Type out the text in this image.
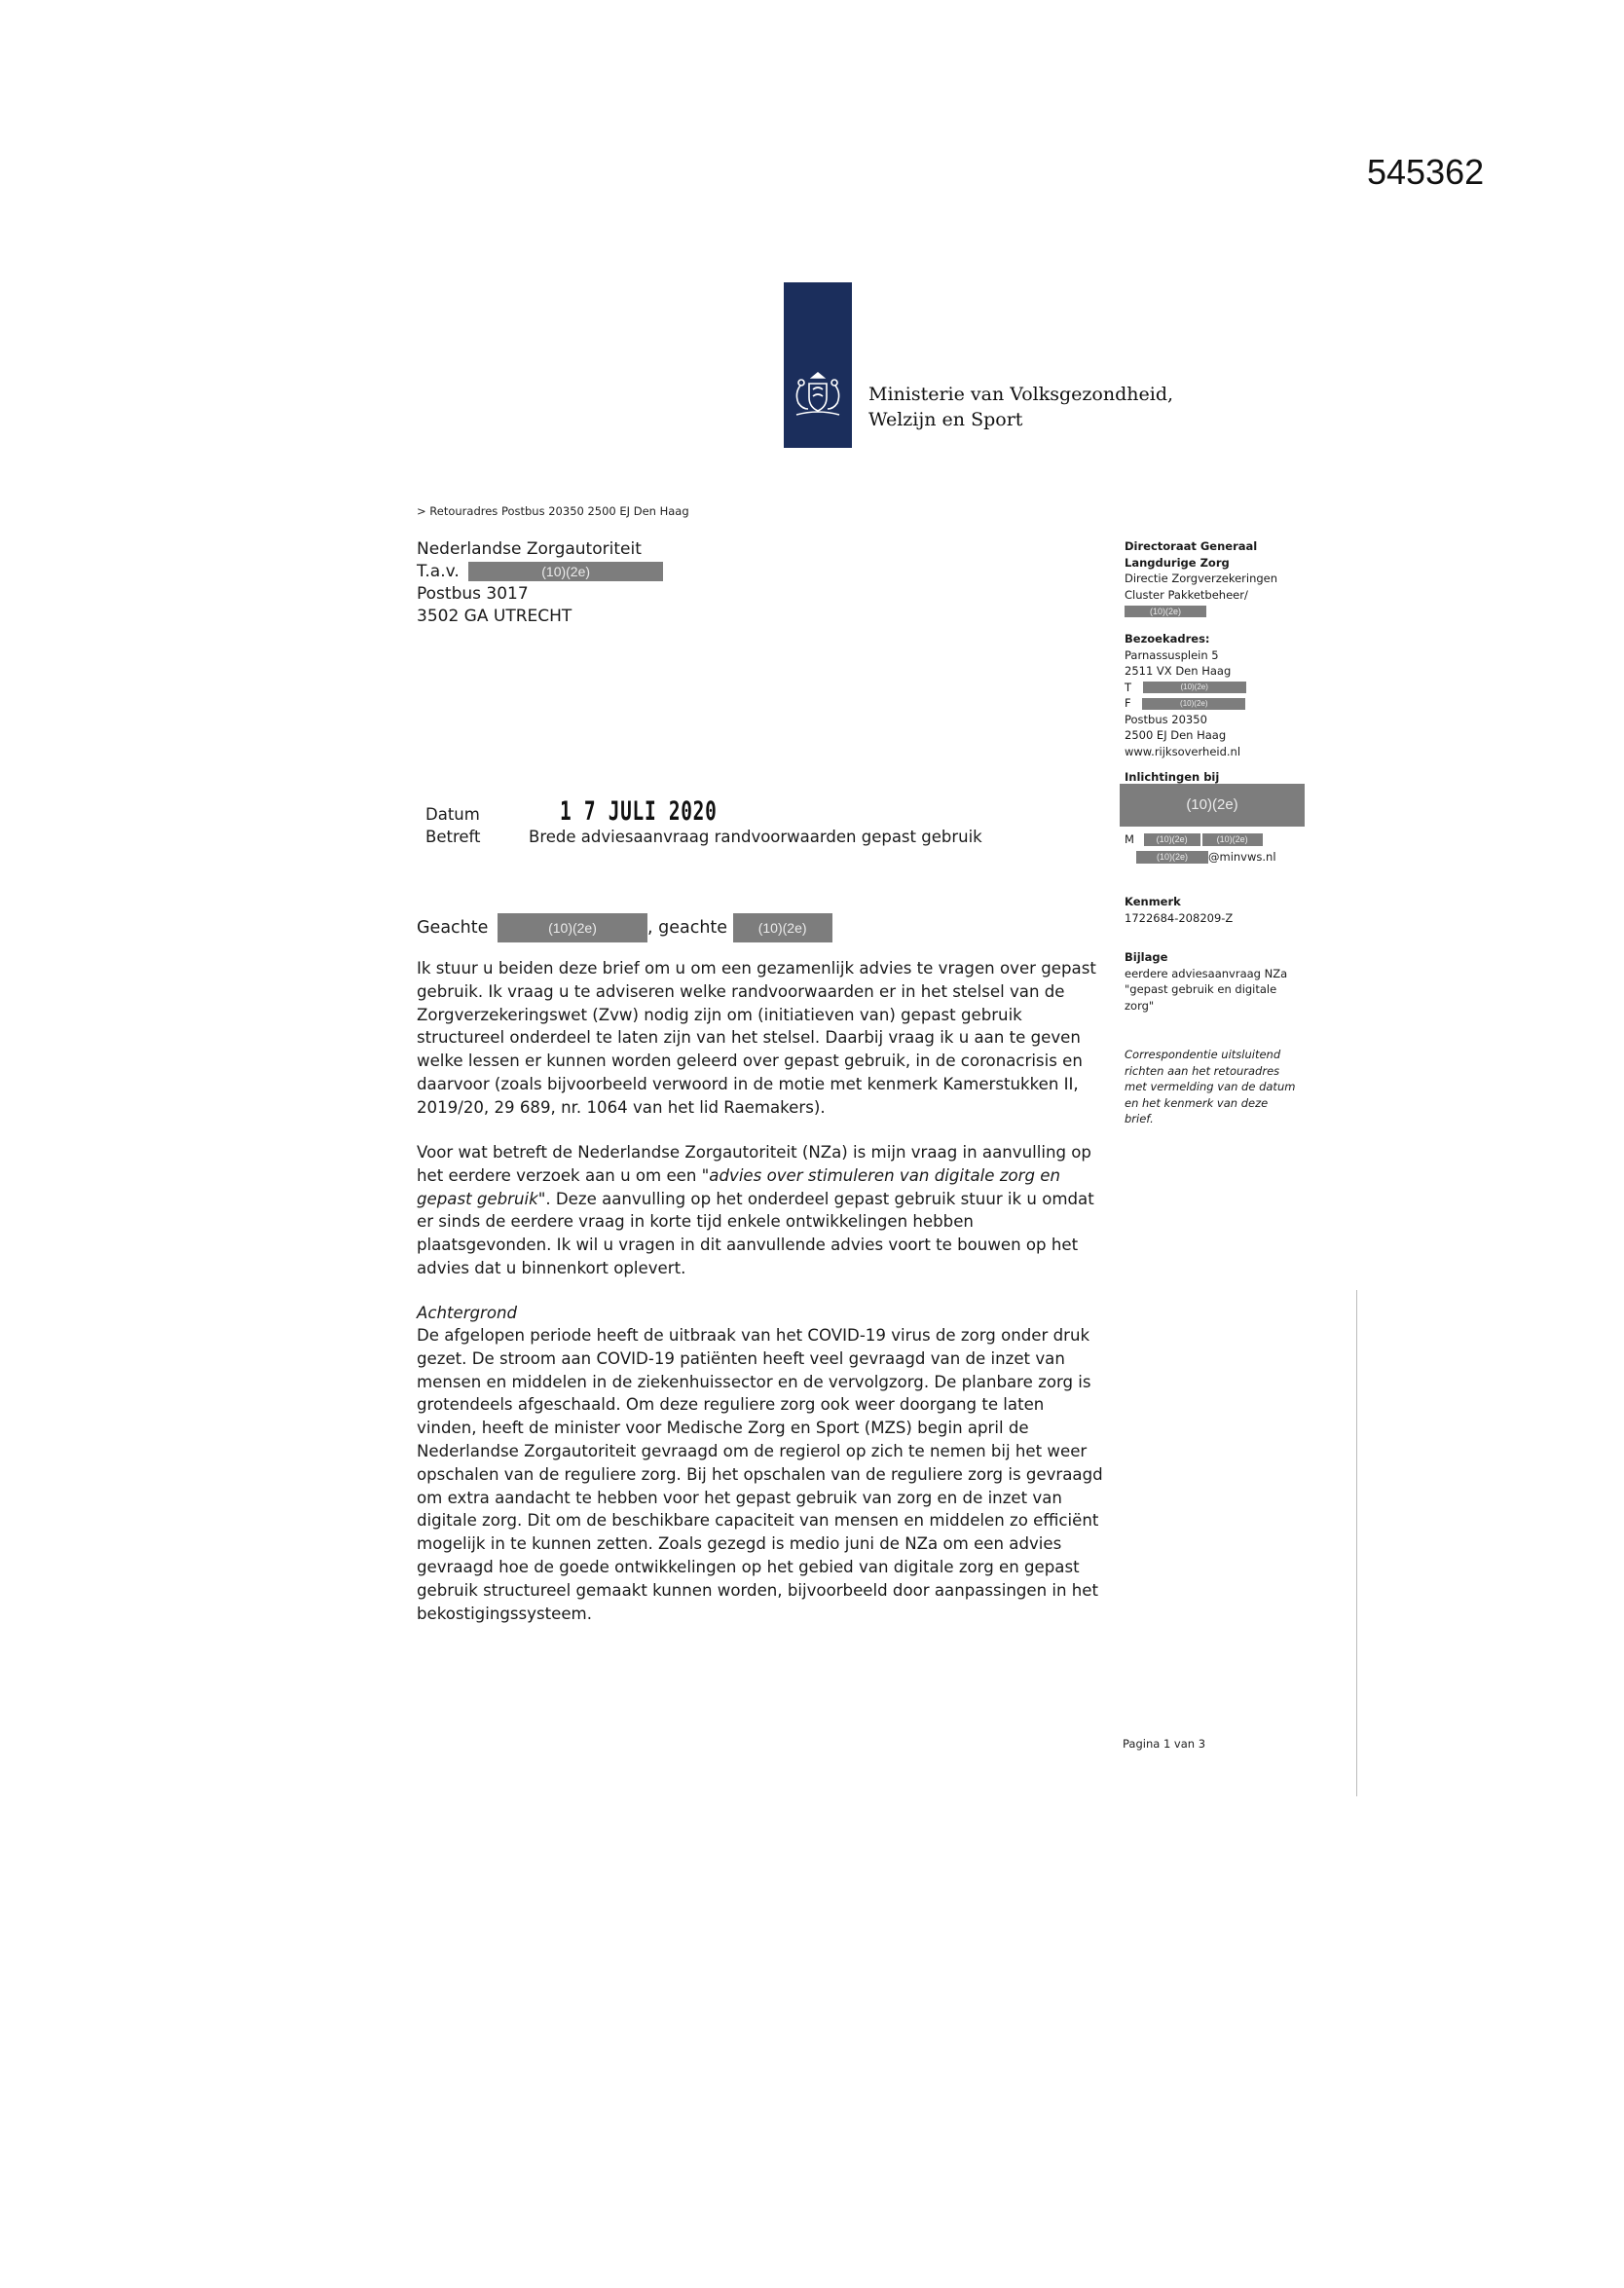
545362
Ministerie van Volksgezondheid,
Welzijn en Sport
> Retouradres Postbus 20350 2500 EJ Den Haag
Nederlandse Zorgautoriteit
T.a.v.	(10)(2e)
Postbus 3017
3502 GA UTRECHT
Directoraat Generaal
Langdurige Zorg
Directie Zorgverzekeringen
Cluster Pakketbeheer/
(10)(2e)
Bezoekadres:
Parnassusplein 5
2511 VX Den Haag
T	(10)(2e)
F	(10)(2e)
Postbus 20350
2500 EJ Den Haag
www.rijksoverheid.nl
Inlichtingen bij
(10)(2e)
M	(10)(2e)	(10)(2e)
(10)(2e) @minvws.nl
Kenmerk
1722684-208209-Z
Bijlage
eerdere adviesaanvraag NZa
"gepast gebruik en digitale
zorg"
Correspondentie uitsluitend
richten aan het retouradres
met vermelding van de datum
en het kenmerk van deze
brief.
Datum	1 7 JULI 2020
Betreft	Brede adviesaanvraag randvoorwaarden gepast gebruik
Geachte	(10)(2e)	, geachte (10)(2e)

Ik stuur u beiden deze brief om u om een gezamenlijk advies te vragen over gepast gebruik. Ik vraag u te adviseren welke randvoorwaarden er in het stelsel van de Zorgverzekeringswet (Zvw) nodig zijn om (initiatieven van) gepast gebruik structureel onderdeel te laten zijn van het stelsel. Daarbij vraag ik u aan te geven welke lessen er kunnen worden geleerd over gepast gebruik, in de coronacrisis en daarvoor (zoals bijvoorbeeld verwoord in de motie met kenmerk Kamerstukken II, 2019/20, 29 689, nr. 1064 van het lid Raemakers).

Voor wat betreft de Nederlandse Zorgautoriteit (NZa) is mijn vraag in aanvulling op het eerdere verzoek aan u om een "advies over stimuleren van digitale zorg en gepast gebruik". Deze aanvulling op het onderdeel gepast gebruik stuur ik u omdat er sinds de eerdere vraag in korte tijd enkele ontwikkelingen hebben plaatsgevonden. Ik wil u vragen in dit aanvullende advies voort te bouwen op het advies dat u binnenkort oplevert.

Achtergrond

De afgelopen periode heeft de uitbraak van het COVID-19 virus de zorg onder druk gezet. De stroom aan COVID-19 patiënten heeft veel gevraagd van de inzet van mensen en middelen in de ziekenhuissector en de vervolgzorg. De planbare zorg is grotendeels afgeschaald. Om deze reguliere zorg ook weer doorgang te laten vinden, heeft de minister voor Medische Zorg en Sport (MZS) begin april de Nederlandse Zorgautoriteit gevraagd om de regierol op zich te nemen bij het weer opschalen van de reguliere zorg. Bij het opschalen van de reguliere zorg is gevraagd om extra aandacht te hebben voor het gepast gebruik van zorg en de inzet van digitale zorg. Dit om de beschikbare capaciteit van mensen en middelen zo efficiënt mogelijk in te kunnen zetten. Zoals gezegd is medio juni de NZa om een advies gevraagd hoe de goede ontwikkelingen op het gebied van digitale zorg en gepast gebruik structureel gemaakt kunnen worden, bijvoorbeeld door aanpassingen in het bekostigingssysteem.

Pagina 1 van 3
